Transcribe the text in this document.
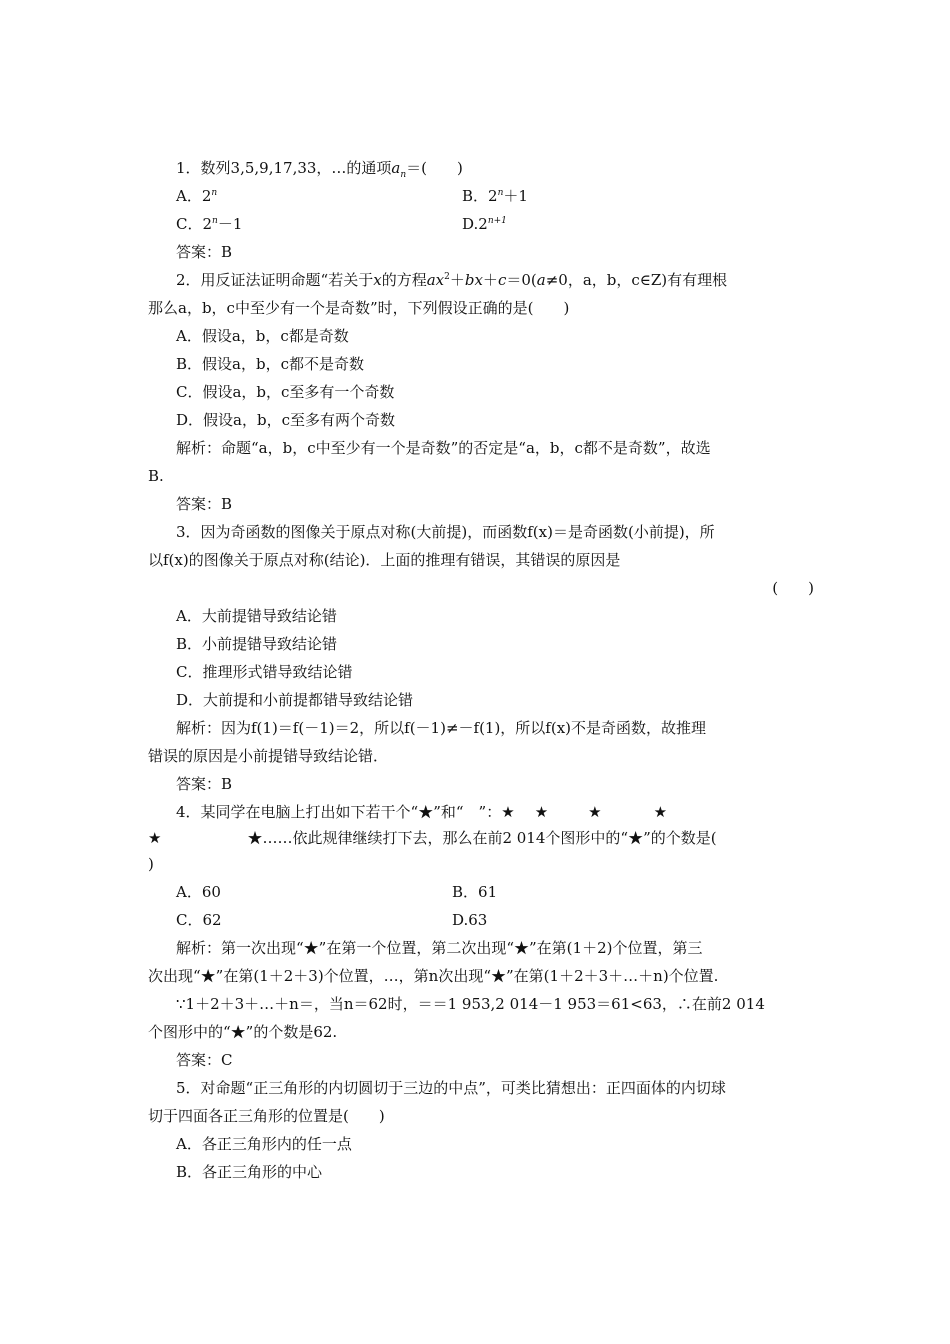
1．数列3,5,9,17,33，…的通项$a_n=$(　　)
A．2$^n$	B．$2^n+1$
C．$2^n-1$	$D.2^{n+1}$
答案：B
2．用反证法证明命题“若关于x的方程$ax^2+bx+c=0(a\ne 0$，a，b，c∈Z)有有理根
那么a，b，c中至少有一个是奇数”时，下列假设正确的是(　　)
A．假设a，b，c都是奇数
B．假设a，b，c都不是奇数
C．假设a，b，c至多有一个奇数
D．假设a，b，c至多有两个奇数
解析：命题“a，b，c中至少有一个是奇数”的否定是“a，b，c都不是奇数”，故选
B.
答案：B
3．因为奇函数的图像关于原点对称(大前提)，而函数f(x)＝是奇函数(小前提)，所
以f(x)的图像关于原点对称(结论)．上面的推理有错误，其错误的原因是
(　　)
A．大前提错导致结论错
B．小前提错导致结论错
C．推理形式错导致结论错
D．大前提和小前提都错导致结论错
解析：因为f(1)＝f(－1)＝2，所以f(－1)≠－f(1)，所以f(x)不是奇函数，故推理
错误的原因是小前提错导致结论错．
答案：B
4．某同学在电脑上打出如下若干个“★”和“　”：★ ★	★	★
★	★……依此规律继续打下去，那么在前2 014个图形中的“★”的个数是(
)
A．60	B．61
C．62	D.63
解析：第一次出现“★”在第一个位置，第二次出现“★”在第(1＋2)个位置，第三
次出现“★”在第(1＋2＋3)个位置，…，第n次出现“★”在第(1＋2＋3＋…＋n)个位置.
∵1＋2＋3＋…＋n＝，当n＝62时，＝＝1 953,2 014－1 953＝61<63，∴在前2 014
个图形中的“★”的个数是62.
答案：C
5．对命题“正三角形的内切圆切于三边的中点”，可类比猜想出：正四面体的内切球
切于四面各正三角形的位置是(　　)
A．各正三角形内的任一点
B．各正三角形的中心
